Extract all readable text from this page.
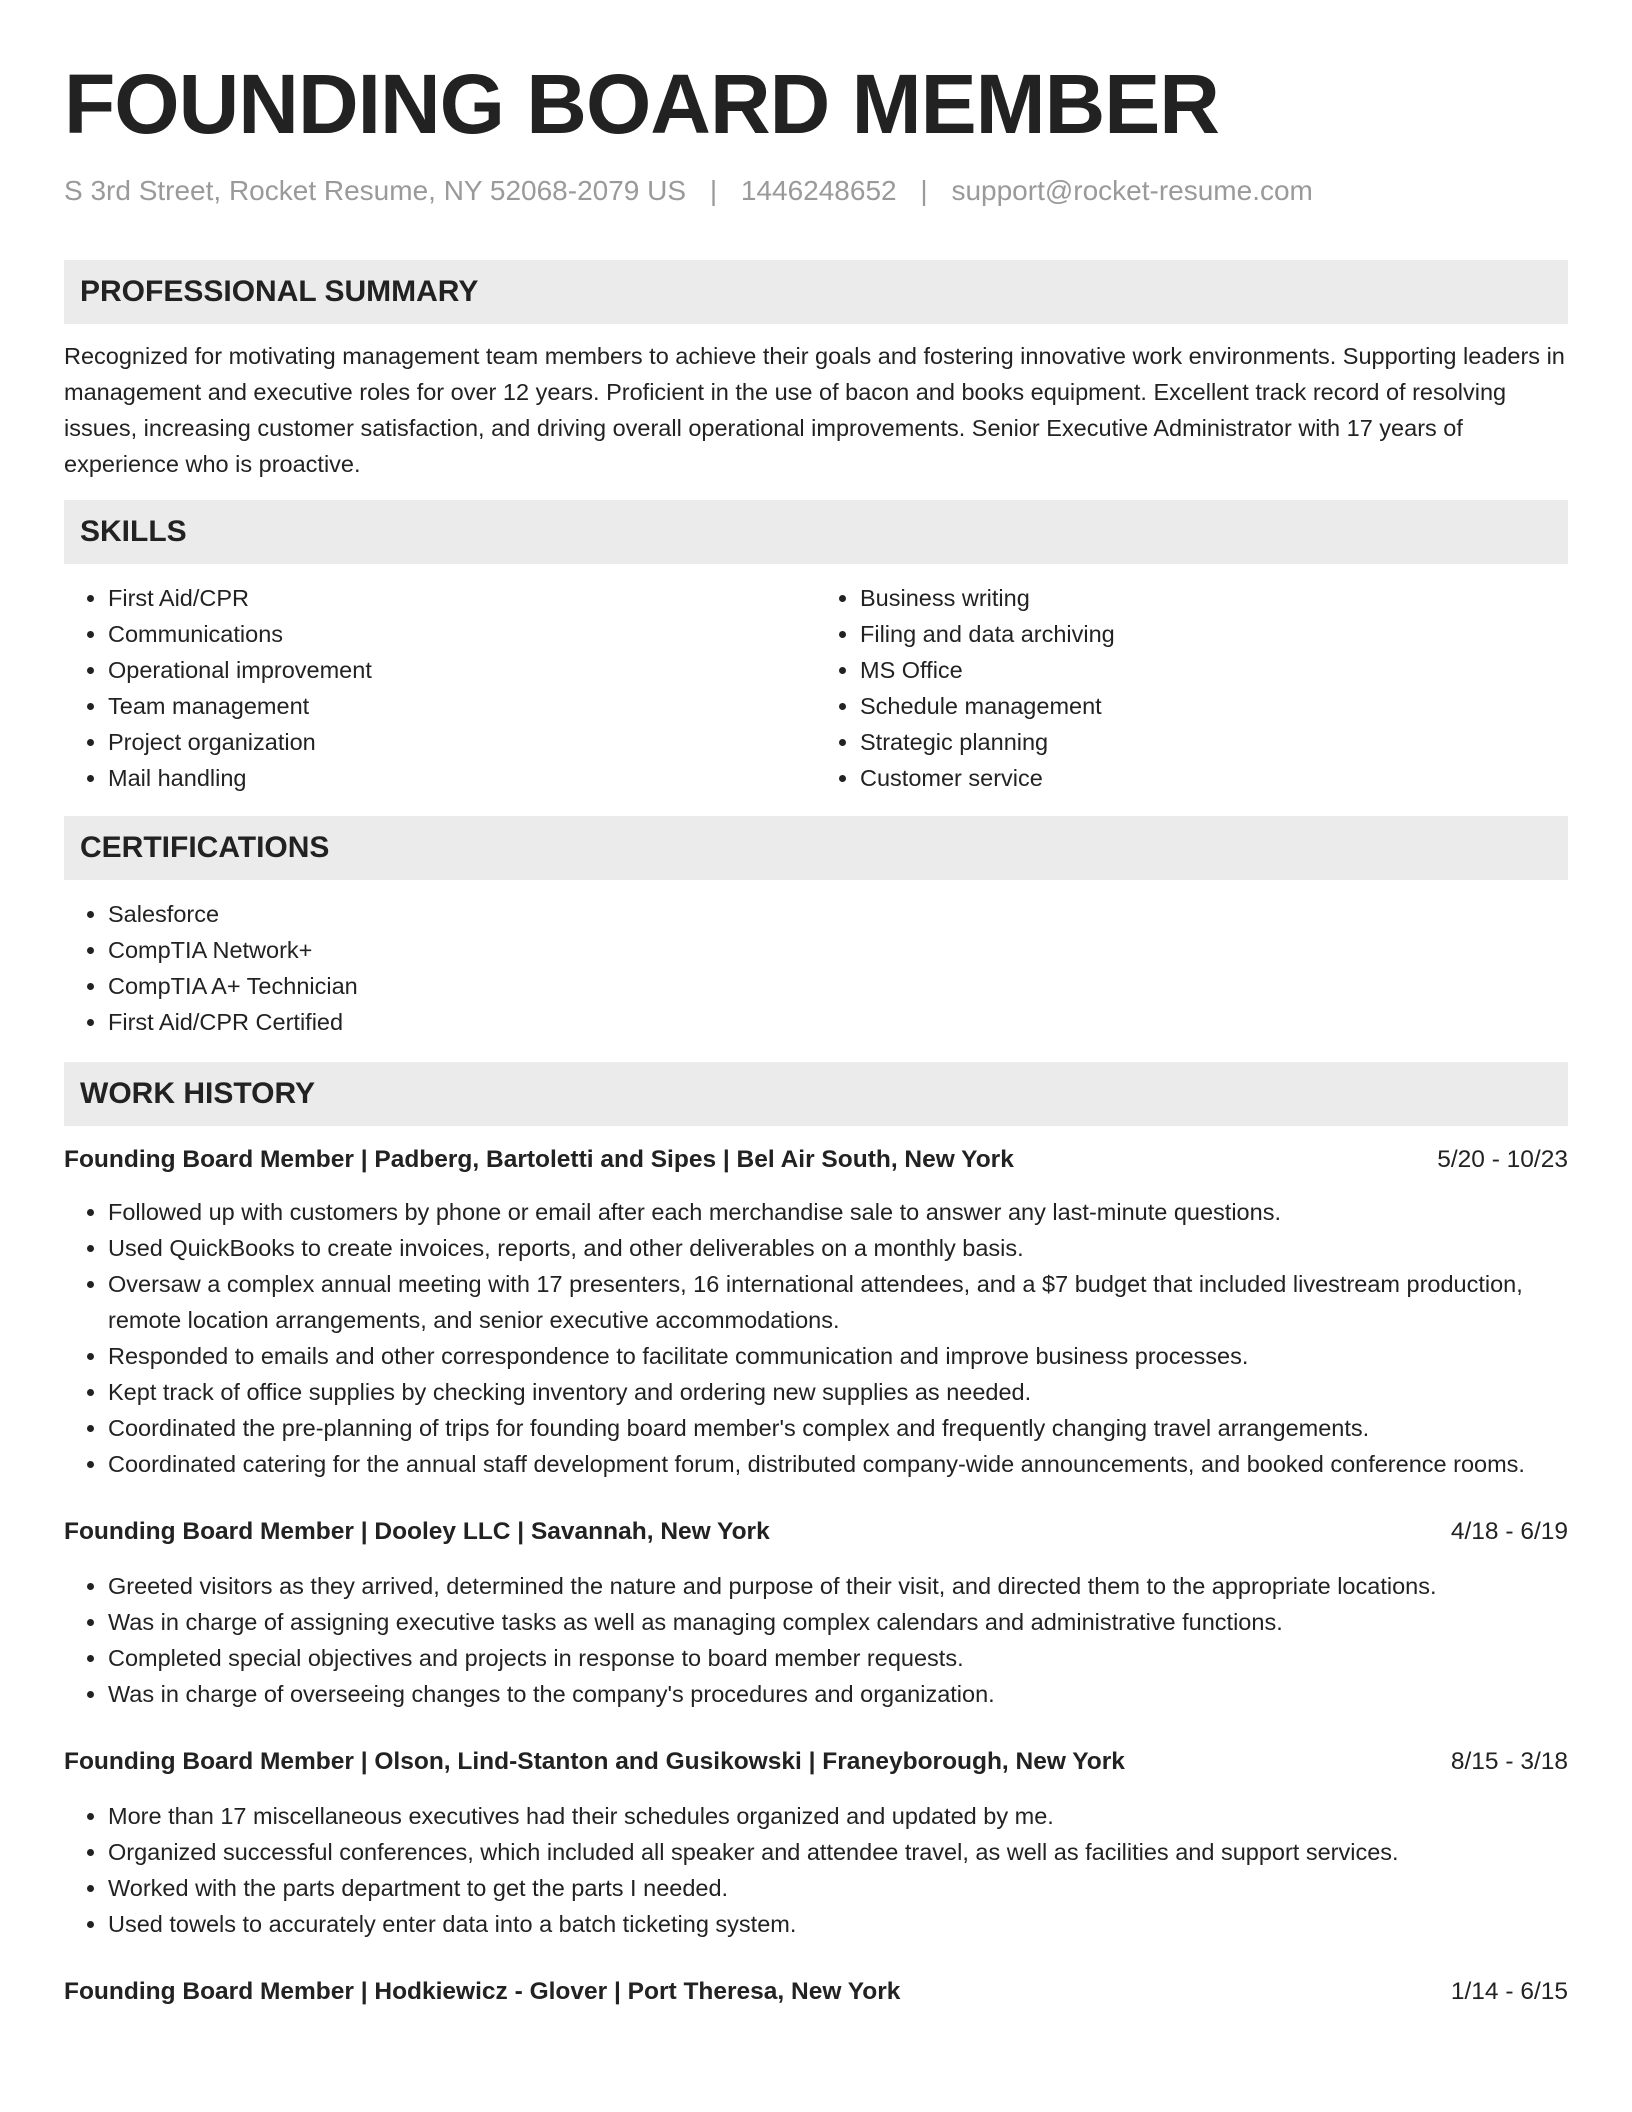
FOUNDING BOARD MEMBER
S 3rd Street, Rocket Resume, NY 52068-2079 US | 1446248652 | support@rocket-resume.com
PROFESSIONAL SUMMARY

Recognized for motivating management team members to achieve their goals and fostering innovative work environments. Supporting leaders in management and executive roles for over 12 years. Proficient in the use of bacon and books equipment. Excellent track record of resolving issues, increasing customer satisfaction, and driving overall operational improvements. Senior Executive Administrator with 17 years of experience who is proactive.

SKILLS
• First Aid/CPR
• Communications
• Operational improvement
• Team management
• Project organization
• Mail handling
• Business writing
• Filing and data archiving
• MS Office
• Schedule management
• Strategic planning
• Customer service
CERTIFICATIONS
• Salesforce
• CompTIA Network+
• CompTIA A+ Technician
• First Aid/CPR Certified
WORK HISTORY
Founding Board Member | Padberg, Bartoletti and Sipes | Bel Air South, New York	5/20 - 10/23
• Followed up with customers by phone or email after each merchandise sale to answer any last-minute questions.
• Used QuickBooks to create invoices, reports, and other deliverables on a monthly basis.
• Oversaw a complex annual meeting with 17 presenters, 16 international attendees, and a $7 budget that included livestream production, remote location arrangements, and senior executive accommodations.
• Responded to emails and other correspondence to facilitate communication and improve business processes.
• Kept track of office supplies by checking inventory and ordering new supplies as needed.
• Coordinated the pre-planning of trips for founding board member's complex and frequently changing travel arrangements.
• Coordinated catering for the annual staff development forum, distributed company-wide announcements, and booked conference rooms.
Founding Board Member | Dooley LLC | Savannah, New York	4/18 - 6/19
• Greeted visitors as they arrived, determined the nature and purpose of their visit, and directed them to the appropriate locations.
• Was in charge of assigning executive tasks as well as managing complex calendars and administrative functions.
• Completed special objectives and projects in response to board member requests.
• Was in charge of overseeing changes to the company's procedures and organization.
Founding Board Member | Olson, Lind-Stanton and Gusikowski | Franeyborough, New York	8/15 - 3/18
• More than 17 miscellaneous executives had their schedules organized and updated by me.
• Organized successful conferences, which included all speaker and attendee travel, as well as facilities and support services.
• Worked with the parts department to get the parts I needed.
• Used towels to accurately enter data into a batch ticketing system.
Founding Board Member | Hodkiewicz - Glover | Port Theresa, New York	1/14 - 6/15
